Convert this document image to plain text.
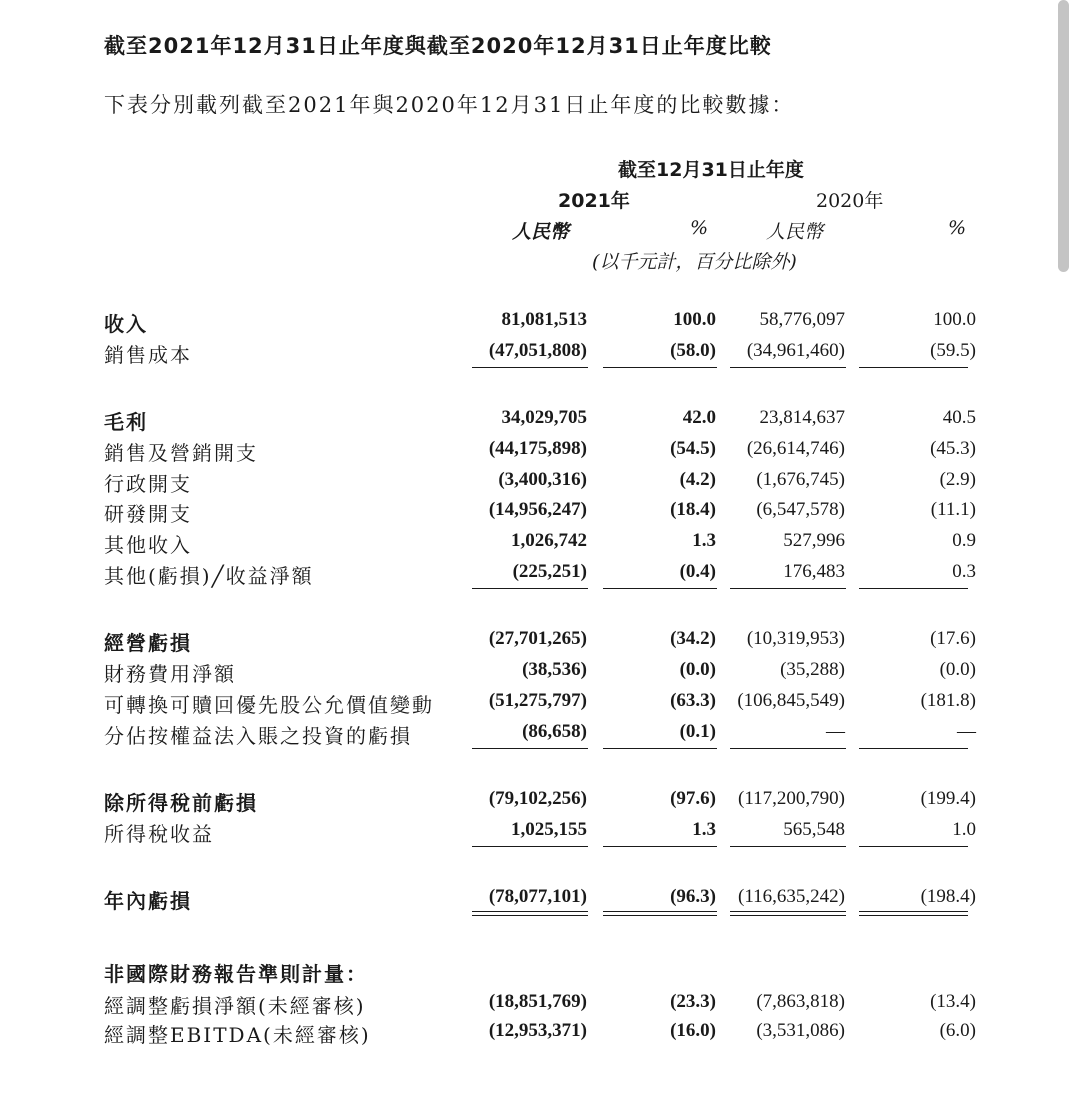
截至2021年12月31日止年度與截至2020年12月31日止年度比較
下表分別載列截至2021年與2020年12月31日止年度的比較數據：
截至12月31日止年度
2021年	2020年
人民幣	%	人民幣	%
(以千元計，百分比除外)
收入	81,081,513	100.0 58,776,097	100.0
銷售成本	(47,051,808)	(58.0) (34,961,460)	(59.5)
毛利	34,029,705	42.0 23,814,637	40.5
銷售及營銷開支	(44,175,898)	(54.5) (26,614,746)	(45.3)
行政開支	(3,400,316)	(4.2) (1,676,745)	(2.9)
研發開支	(14,956,247)	(18.4) (6,547,578)	(11.1)
其他收入	1,026,742	1.3	527,996	0.9
其他(虧損)╱收益淨額	(225,251)	(0.4)	176,483	0.3
經營虧損	(27,701,265)	(34.2) (10,319,953)	(17.6)
財務費用淨額	(38,536)	(0.0)	(35,288)	(0.0)
可轉換可贖回優先股公允價值變動	(51,275,797)	(63.3) (106,845,549)	(181.8)
分佔按權益法入賬之投資的虧損	(86,658)	(0.1)	—	—
除所得稅前虧損	(79,102,256)	(97.6) (117,200,790)	(199.4)
所得稅收益	1,025,155	1.3	565,548	1.0
年內虧損	(78,077,101)	(96.3) (116,635,242)	(198.4)
非國際財務報告準則計量：
經調整虧損淨額(未經審核)	(18,851,769)	(23.3) (7,863,818)	(13.4)
經調整EBITDA(未經審核)	(12,953,371)	(16.0) (3,531,086)	(6.0)
